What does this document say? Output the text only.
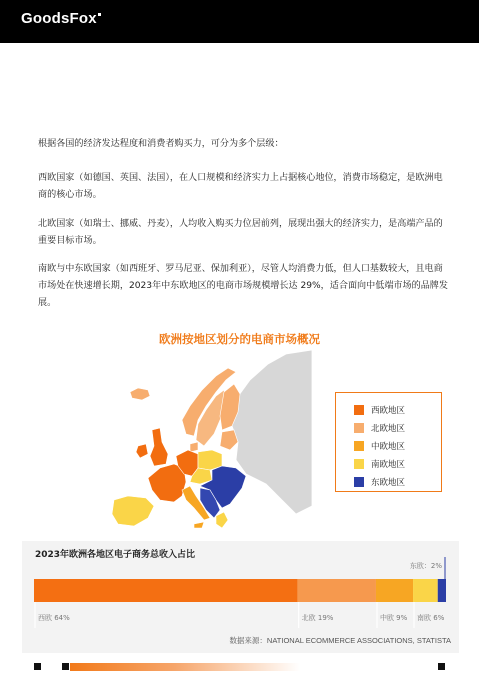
GoodsFox

根据各国的经济发达程度和消费者购买力，可分为多个层级：

西欧国家（如德国、英国、法国），在人口规模和经济实力上占据核心地位，消费市场稳定，是欧洲电商的核心市场。

北欧国家（如瑞士、挪威、丹麦），人均收入购买力位居前列，展现出强大的经济实力，是高端产品的重要目标市场。

南欧与中东欧国家（如西班牙、罗马尼亚、保加利亚），尽管人均消费力低，但人口基数较大，且电商市场处在快速增长期，2023年中东欧地区的电商市场规模增长达 29%，适合面向中低端市场的品牌发展。

欧洲按地区划分的电商市场概况
西欧地区
北欧地区
中欧地区
南欧地区
东欧地区
2023年欧洲各地区电子商务总收入占比
西欧 64%	北欧 19%	中欧 9% 南欧 6%
东欧：2%
数据来源：NATIONAL ECOMMERCE ASSOCIATIONS, STATISTA
